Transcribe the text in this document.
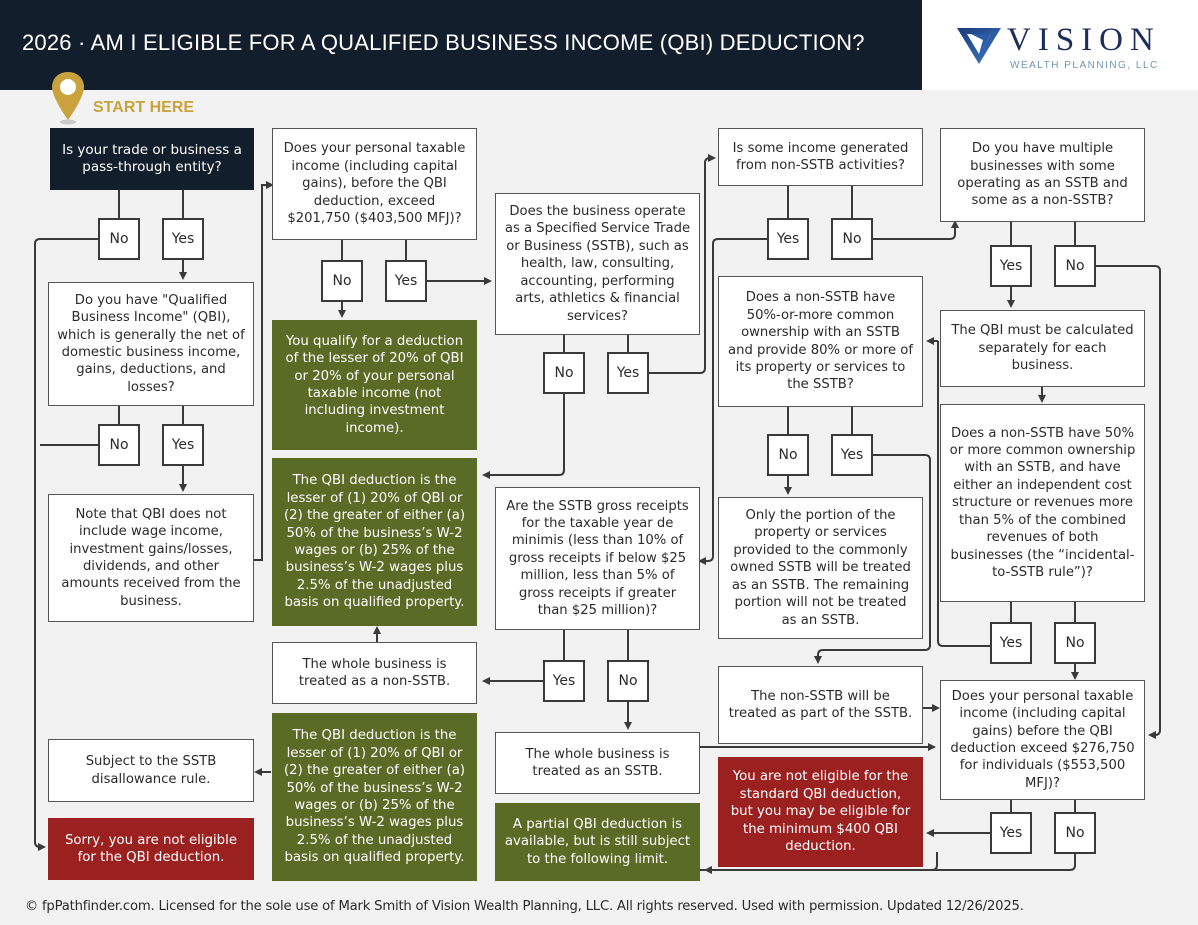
2026 · AM I ELIGIBLE FOR A QUALIFIED BUSINESS INCOME (QBI) DEDUCTION?	VISION
WEALTH PLANNING, LLC
START HERE
Is your trade or business a pass-through entity?
No	Yes
Do you have "Qualified Business Income" (QBI), which is generally the net of domestic business income, gains, deductions, and losses?
No	Yes
Note that QBI does not include wage income, investment gains/losses, dividends, and other amounts received from the business.
Subject to the SSTB disallowance rule.
Sorry, you are not eligible for the QBI deduction.
Does your personal taxable income (including capital gains), before the QBI deduction, exceed $201,750 ($403,500 MFJ)?
No	Yes
You qualify for a deduction of the lesser of 20% of QBI or 20% of your personal taxable income (not including investment income).
The QBI deduction is the lesser of (1) 20% of QBI or (2) the greater of either (a) 50% of the business’s W-2 wages or (b) 25% of the business’s W-2 wages plus 2.5% of the unadjusted basis on qualified property.
The whole business is treated as a non-SSTB.
The QBI deduction is the lesser of (1) 20% of QBI or (2) the greater of either (a) 50% of the business’s W-2 wages or (b) 25% of the business’s W-2 wages plus 2.5% of the unadjusted basis on qualified property.
Does the business operate as a Specified Service Trade or Business (SSTB), such as health, law, consulting, accounting, performing arts, athletics & financial services?
No	Yes
Are the SSTB gross receipts for the taxable year de minimis (less than 10% of gross receipts if below $25 million, less than 5% of gross receipts if greater than $25 million)?
Yes	No
The whole business is treated as an SSTB.
A partial QBI deduction is available, but is still subject to the following limit.
Is some income generated from non-SSTB activities?
Yes	No
Does a non-SSTB have 50%-or-more common ownership with an SSTB and provide 80% or more of its property or services to the SSTB?
No	Yes
Only the portion of the property or services provided to the commonly owned SSTB will be treated as an SSTB. The remaining portion will not be treated as an SSTB.
The non-SSTB will be treated as part of the SSTB.
You are not eligible for the standard QBI deduction, but you may be eligible for the minimum $400 QBI deduction.
Do you have multiple businesses with some operating as an SSTB and some as a non-SSTB?
Yes	No
The QBI must be calculated separately for each business.
Does a non-SSTB have 50% or more common ownership with an SSTB, and have either an independent cost structure or revenues more than 5% of the combined revenues of both businesses (the “incidental-to-SSTB rule”)?
Yes	No
Does your personal taxable income (including capital gains) before the QBI deduction exceed $276,750 for individuals ($553,500 MFJ)?
Yes	No
© fpPathfinder.com. Licensed for the sole use of Mark Smith of Vision Wealth Planning, LLC. All rights reserved. Used with permission. Updated 12/26/2025.
